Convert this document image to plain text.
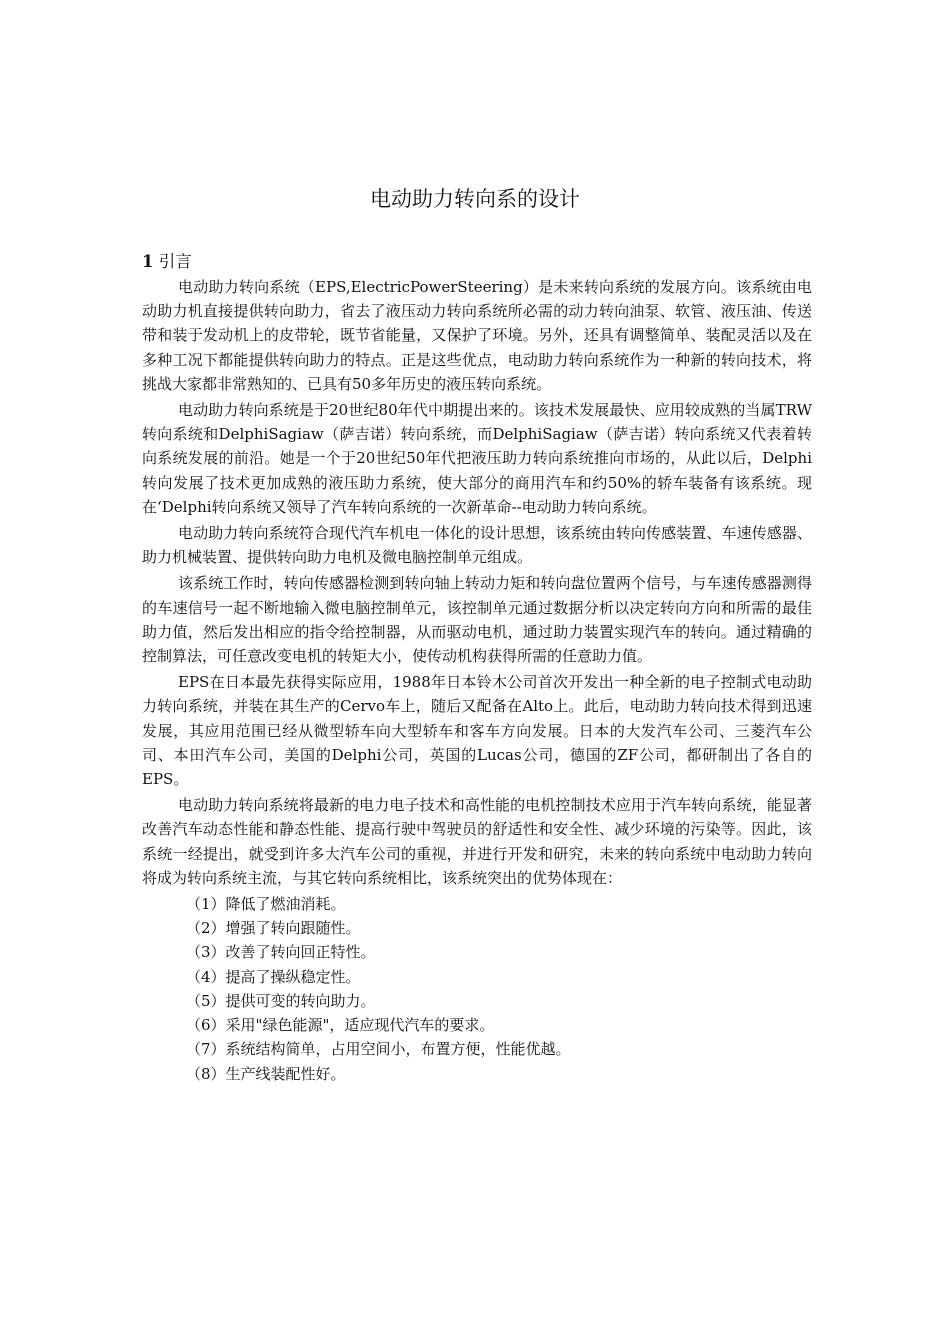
电动助力转向系的设计
1 引言

电动助力转向系统（EPS,ElectricPowerSteering）是未来转向系统的发展方向。该系统由电动助力机直接提供转向助力，省去了液压动力转向系统所必需的动力转向油泵、软管、液压油、传送带和装于发动机上的皮带轮，既节省能量，又保护了环境。另外，还具有调整简单、装配灵活以及在多种工况下都能提供转向助力的特点。正是这些优点，电动助力转向系统作为一种新的转向技术，将挑战大家都非常熟知的、已具有50多年历史的液压转向系统。

电动助力转向系统是于20世纪80年代中期提出来的。该技术发展最快、应用较成熟的当属TRW转向系统和DelphiSagiaw（萨吉诺）转向系统，而DelphiSagiaw（萨吉诺）转向系统又代表着转向系统发展的前沿。她是一个于20世纪50年代把液压助力转向系统推向市场的，从此以后，Delphi转向发展了技术更加成熟的液压助力系统，使大部分的商用汽车和约50%的轿车装备有该系统。现在‘Delphi转向系统又领导了汽车转向系统的一次新革命--电动助力转向系统。

电动助力转向系统符合现代汽车机电一体化的设计思想，该系统由转向传感装置、车速传感器、助力机械装置、提供转向助力电机及微电脑控制单元组成。

该系统工作时，转向传感器检测到转向轴上转动力矩和转向盘位置两个信号，与车速传感器测得的车速信号一起不断地输入微电脑控制单元，该控制单元通过数据分析以决定转向方向和所需的最佳助力值，然后发出相应的指令给控制器，从而驱动电机，通过助力装置实现汽车的转向。通过精确的控制算法，可任意改变电机的转矩大小，使传动机构获得所需的任意助力值。

EPS在日本最先获得实际应用，1988年日本铃木公司首次开发出一种全新的电子控制式电动助力转向系统，并装在其生产的Cervo车上，随后又配备在Alto上。此后，电动助力转向技术得到迅速发展，其应用范围已经从微型轿车向大型轿车和客车方向发展。日本的大发汽车公司、三菱汽车公司、本田汽车公司，美国的Delphi公司，英国的Lucas公司，德国的ZF公司，都研制出了各自的EPS。

电动助力转向系统将最新的电力电子技术和高性能的电机控制技术应用于汽车转向系统，能显著改善汽车动态性能和静态性能、提高行驶中驾驶员的舒适性和安全性、减少环境的污染等。因此，该系统一经提出，就受到许多大汽车公司的重视，并进行开发和研究，未来的转向系统中电动助力转向将成为转向系统主流，与其它转向系统相比，该系统突出的优势体现在：

（1）降低了燃油消耗。
（2）增强了转向跟随性。
（3）改善了转向回正特性。
（4）提高了操纵稳定性。
（5）提供可变的转向助力。
（6）采用"绿色能源"，适应现代汽车的要求。
（7）系统结构简单，占用空间小，布置方便，性能优越。
（8）生产线装配性好。
